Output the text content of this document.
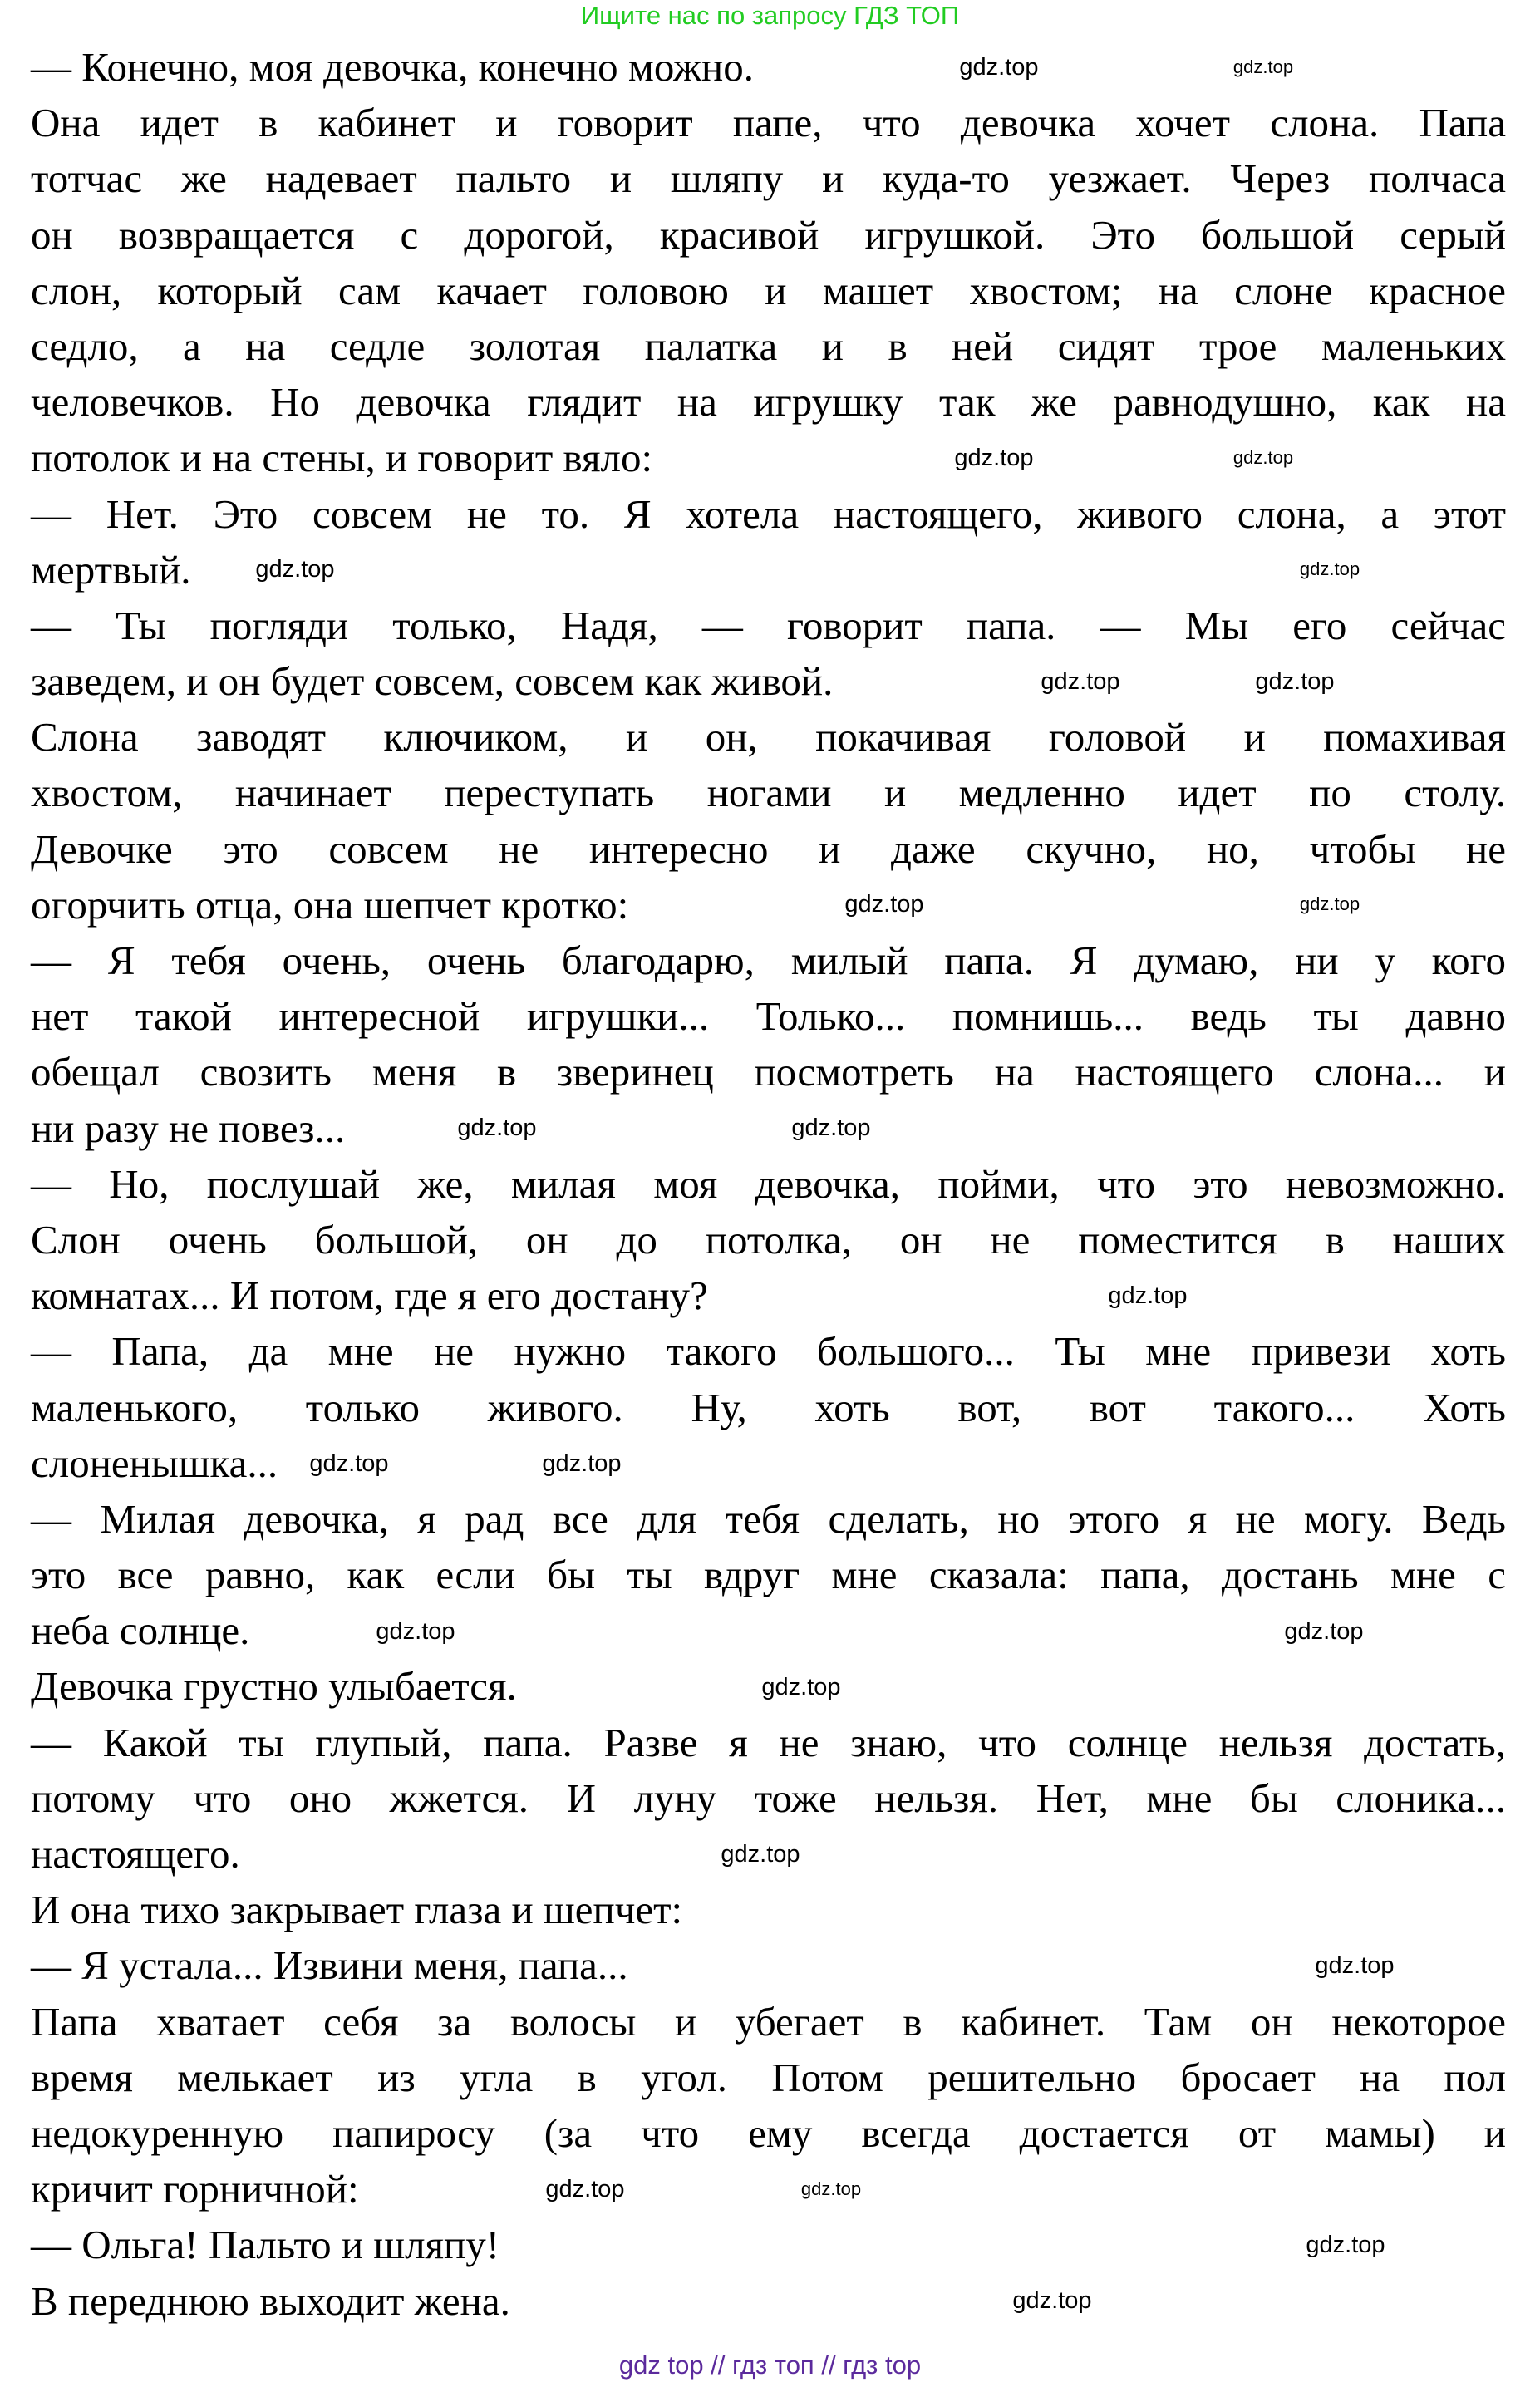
Ищите нас по запросу ГДЗ ТОП
— Конечно, моя девочка, конечно можно.
Она идет в кабинет и говорит папе, что девочка хочет слона. Папа
тотчас же надевает пальто и шляпу и куда-то уезжает. Через полчаса
он возвращается с дорогой, красивой игрушкой. Это большой серый
слон, который сам качает головою и машет хвостом; на слоне красное
седло, а на седле золотая палатка и в ней сидят трое маленьких
человечков. Но девочка глядит на игрушку так же равнодушно, как на
потолок и на стены, и говорит вяло:
— Нет. Это совсем не то. Я хотела настоящего, живого слона, а этот
мертвый.
— Ты погляди только, Надя, — говорит папа. — Мы его сейчас
заведем, и он будет совсем, совсем как живой.
Слона заводят ключиком, и он, покачивая головой и помахивая
хвостом, начинает переступать ногами и медленно идет по столу.
Девочке это совсем не интересно и даже скучно, но, чтобы не
огорчить отца, она шепчет кротко:
— Я тебя очень, очень благодарю, милый папа. Я думаю, ни у кого
нет такой интересной игрушки... Только... помнишь... ведь ты давно
обещал свозить меня в зверинец посмотреть на настоящего слона... и
ни разу не повез...
— Но, послушай же, милая моя девочка, пойми, что это невозможно.
Слон очень большой, он до потолка, он не поместится в наших
комнатах... И потом, где я его достану?
— Папа, да мне не нужно такого большого... Ты мне привези хоть
маленького, только живого. Ну, хоть вот, вот такого... Хоть
слоненышка...
— Милая девочка, я рад все для тебя сделать, но этого я не могу. Ведь
это все равно, как если бы ты вдруг мне сказала: папа, достань мне с
неба солнце.
Девочка грустно улыбается.
— Какой ты глупый, папа. Разве я не знаю, что солнце нельзя достать,
потому что оно жжется. И луну тоже нельзя. Нет, мне бы слоника...
настоящего.
И она тихо закрывает глаза и шепчет:
— Я устала... Извини меня, папа...
Папа хватает себя за волосы и убегает в кабинет. Там он некоторое
время мелькает из угла в угол. Потом решительно бросает на пол
недокуренную папиросу (за что ему всегда достается от мамы) и
кричит горничной:
— Ольга! Пальто и шляпу!
В переднюю выходит жена.
gdz.top	gdz.top
gdz.top
gdz.top
gdz.top	gdz.top
gdz.top	gdz.top
gdz.top
gdz.top
gdz.top
gdz.top
gdz.top
gdz.top	gdz.top
gdz.top
gdz.top
gdz.top
gdz.top
gdz.top
gdz.top
gdz.top
gdz.top
gdz.top
gdz top // гдз топ // гдз top
